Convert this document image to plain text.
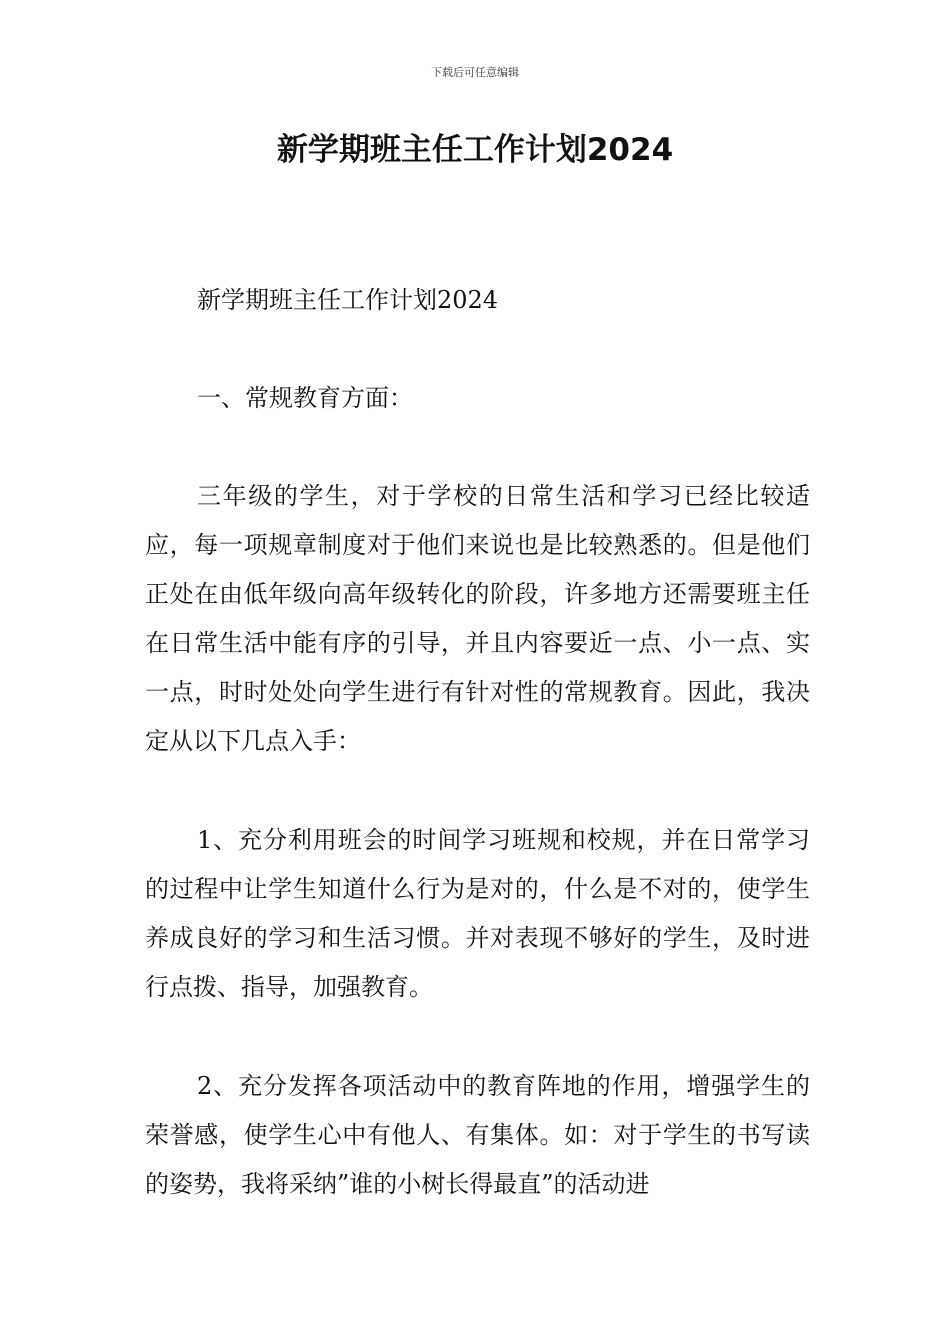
下载后可任意编辑
新学期班主任工作计划2024

新学期班主任工作计划2024

一、常规教育方面：

三年级的学生，对于学校的日常生活和学习已经比较适应，每一项规章制度对于他们来说也是比较熟悉的。但是他们正处在由低年级向高年级转化的阶段，许多地方还需要班主任在日常生活中能有序的引导，并且内容要近一点、小一点、实一点，时时处处向学生进行有针对性的常规教育。因此，我决定从以下几点入手：

1、充分利用班会的时间学习班规和校规，并在日常学习的过程中让学生知道什么行为是对的，什么是不对的，使学生养成良好的学习和生活习惯。并对表现不够好的学生，及时进行点拨、指导，加强教育。

2、充分发挥各项活动中的教育阵地的作用，增强学生的荣誉感，使学生心中有他人、有集体。如：对于学生的书写读的姿势，我将采纳”谁的小树长得最直”的活动进
